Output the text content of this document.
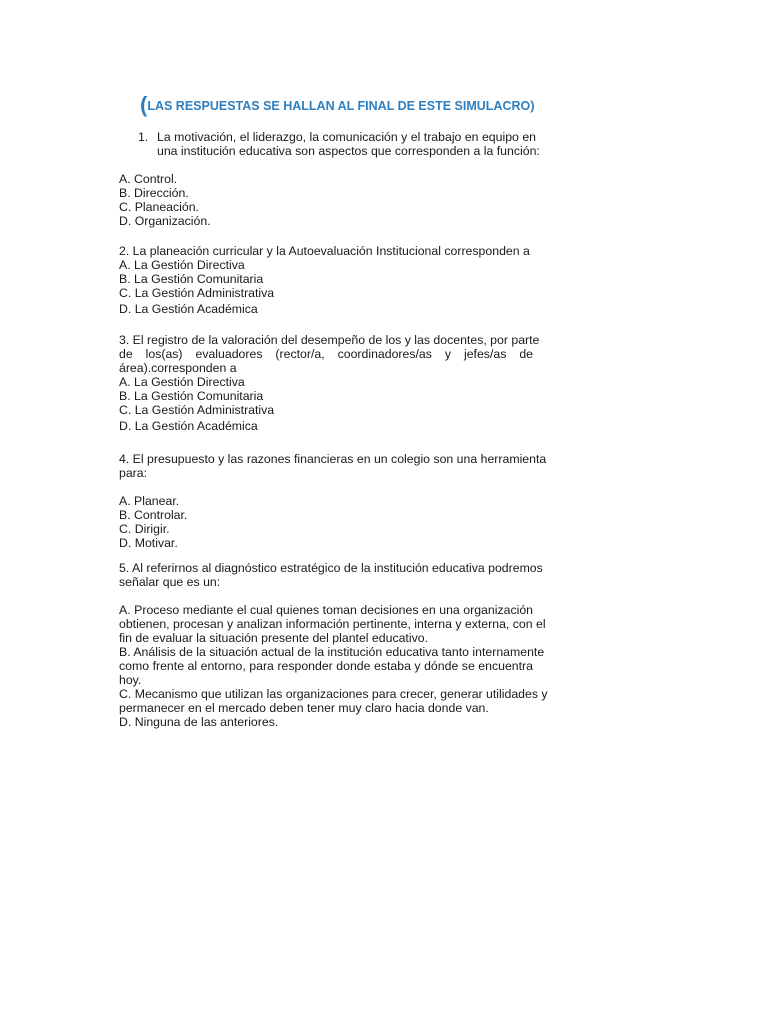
(LAS RESPUESTAS SE HALLAN AL FINAL DE ESTE SIMULACRO)
1. La motivación, el liderazgo, la comunicación y el trabajo en equipo en
una institución educativa son aspectos que corresponden a la función:
A. Control.
B. Dirección.
C. Planeación.
D. Organización.
2. La planeación curricular y la Autoevaluación Institucional corresponden a
A. La Gestión Directiva
B. La Gestión Comunitaria
C. La Gestión Administrativa
D. La Gestión Académica
3. El registro de la valoración del desempeño de los y las docentes, por parte
de los(as) evaluadores (rector/a, coordinadores/as y jefes/as de
área).corresponden a
A. La Gestión Directiva
B. La Gestión Comunitaria
C. La Gestión Administrativa
D. La Gestión Académica
4. El presupuesto y las razones financieras en un colegio son una herramienta
para:
A. Planear.
B. Controlar.
C. Dirigir.
D. Motivar.
5. Al referirnos al diagnóstico estratégico de la institución educativa podremos
señalar que es un:
A. Proceso mediante el cual quienes toman decisiones en una organización
obtienen, procesan y analizan información pertinente, interna y externa, con el
fin de evaluar la situación presente del plantel educativo.
B. Análisis de la situación actual de la institución educativa tanto internamente
como frente al entorno, para responder donde estaba y dónde se encuentra
hoy.
C. Mecanismo que utilizan las organizaciones para crecer, generar utilidades y
permanecer en el mercado deben tener muy claro hacia donde van.
D. Ninguna de las anteriores.
